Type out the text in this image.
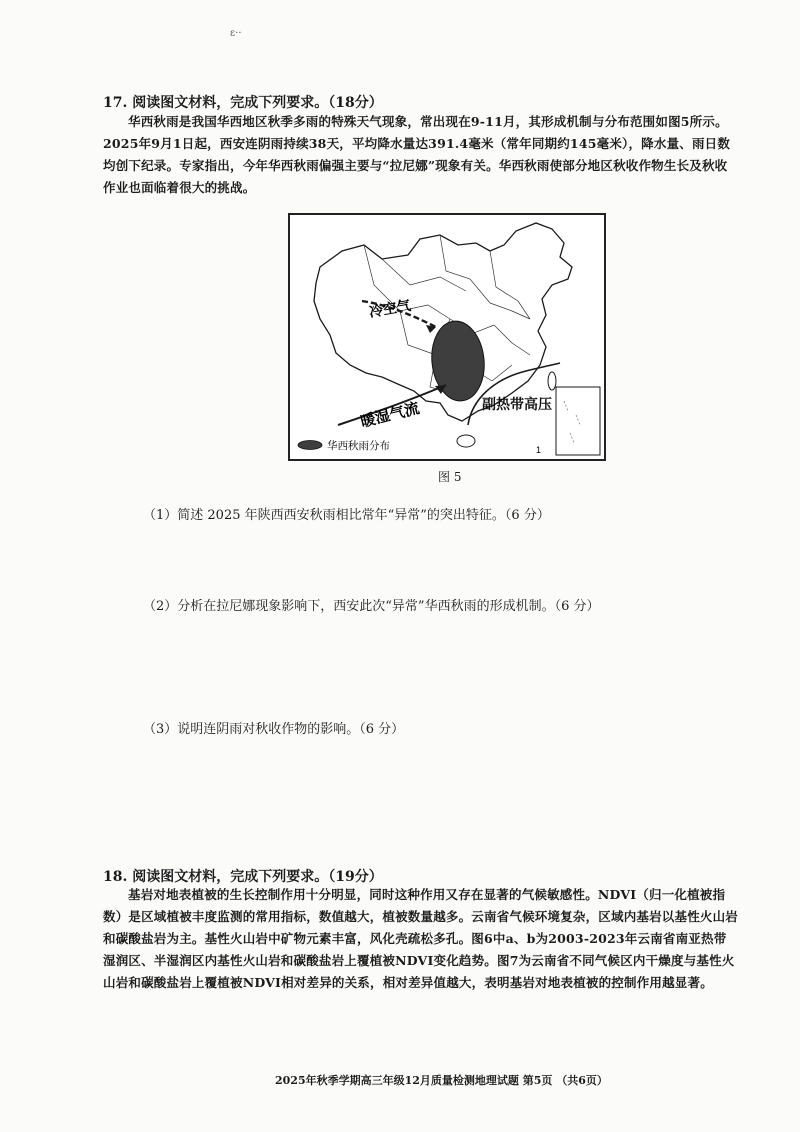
ε··
17. 阅读图文材料，完成下列要求。（18分）

华西秋雨是我国华西地区秋季多雨的特殊天气现象，常出现在9-11月，其形成机制与分布范围如图5所示。2025年9月1日起，西安连阴雨持续38天，平均降水量达391.4毫米（常年同期约145毫米），降水量、雨日数均创下纪录。专家指出，今年华西秋雨偏强主要与“拉尼娜”现象有关。华西秋雨使部分地区秋收作物生长及秋收作业也面临着很大的挑战。

冷空气
暖湿气流	副热带高压
华西秋雨分布	1
图 5
（1）简述 2025 年陕西西安秋雨相比常年“异常”的突出特征。（6 分）
（2）分析在拉尼娜现象影响下，西安此次“异常”华西秋雨的形成机制。（6 分）
（3）说明连阴雨对秋收作物的影响。（6 分）
18. 阅读图文材料，完成下列要求。（19分）

基岩对地表植被的生长控制作用十分明显，同时这种作用又存在显著的气候敏感性。NDVI（归一化植被指数）是区域植被丰度监测的常用指标，数值越大，植被数量越多。云南省气候环境复杂，区域内基岩以基性火山岩和碳酸盐岩为主。基性火山岩中矿物元素丰富，风化壳疏松多孔。图6中a、b为2003-2023年云南省南亚热带湿润区、半湿润区内基性火山岩和碳酸盐岩上覆植被NDVI变化趋势。图7为云南省不同气候区内干燥度与基性火山岩和碳酸盐岩上覆植被NDVI相对差异的关系，相对差异值越大，表明基岩对地表植被的控制作用越显著。

2025年秋季学期高三年级12月质量检测地理试题 第5页 （共6页）
